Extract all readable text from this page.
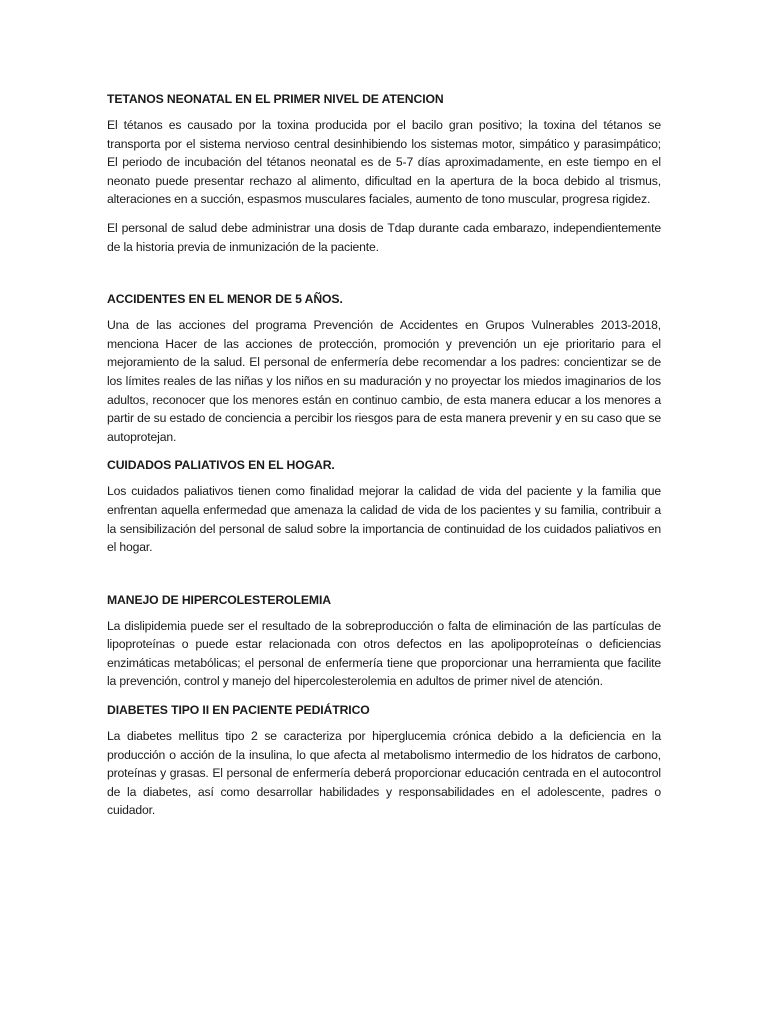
TETANOS NEONATAL EN EL PRIMER NIVEL DE ATENCION

El tétanos es causado por la toxina producida por el bacilo gran positivo; la toxina del tétanos se transporta por el sistema nervioso central desinhibiendo los sistemas motor, simpático y parasimpático; El periodo de incubación del tétanos neonatal es de 5-7 días aproximadamente, en este tiempo en el neonato puede presentar rechazo al alimento, dificultad en la apertura de la boca debido al trismus, alteraciones en a succión, espasmos musculares faciales, aumento de tono muscular, progresa rigidez.

El personal de salud debe administrar una dosis de Tdap durante cada embarazo, independientemente de la historia previa de inmunización de la paciente.

ACCIDENTES EN EL MENOR DE 5 AÑOS.

Una de las acciones del programa Prevención de Accidentes en Grupos Vulnerables 2013-2018, menciona Hacer de las acciones de protección, promoción y prevención un eje prioritario para el mejoramiento de la salud. El personal de enfermería debe recomendar a los padres: concientizar se de los límites reales de las niñas y los niños en su maduración y no proyectar los miedos imaginarios de los adultos, reconocer que los menores están en continuo cambio, de esta manera educar a los menores a partir de su estado de conciencia a percibir los riesgos para de esta manera prevenir y en su caso que se autoprotejan.

CUIDADOS PALIATIVOS EN EL HOGAR.

Los cuidados paliativos tienen como finalidad mejorar la calidad de vida del paciente y la familia que enfrentan aquella enfermedad que amenaza la calidad de vida de los pacientes y su familia, contribuir a la sensibilización del personal de salud sobre la importancia de continuidad de los cuidados paliativos en el hogar.

MANEJO DE HIPERCOLESTEROLEMIA

La dislipidemia puede ser el resultado de la sobreproducción o falta de eliminación de las partículas de lipoproteínas o puede estar relacionada con otros defectos en las apolipoproteínas o deficiencias enzimáticas metabólicas; el personal de enfermería tiene que proporcionar una herramienta que facilite la prevención, control y manejo del hipercolesterolemia en adultos de primer nivel de atención.

DIABETES TIPO II EN PACIENTE PEDIÁTRICO

La diabetes mellitus tipo 2 se caracteriza por hiperglucemia crónica debido a la deficiencia en la producción o acción de la insulina, lo que afecta al metabolismo intermedio de los hidratos de carbono, proteínas y grasas. El personal de enfermería deberá proporcionar educación centrada en el autocontrol de la diabetes, así como desarrollar habilidades y responsabilidades en el adolescente, padres o cuidador.
